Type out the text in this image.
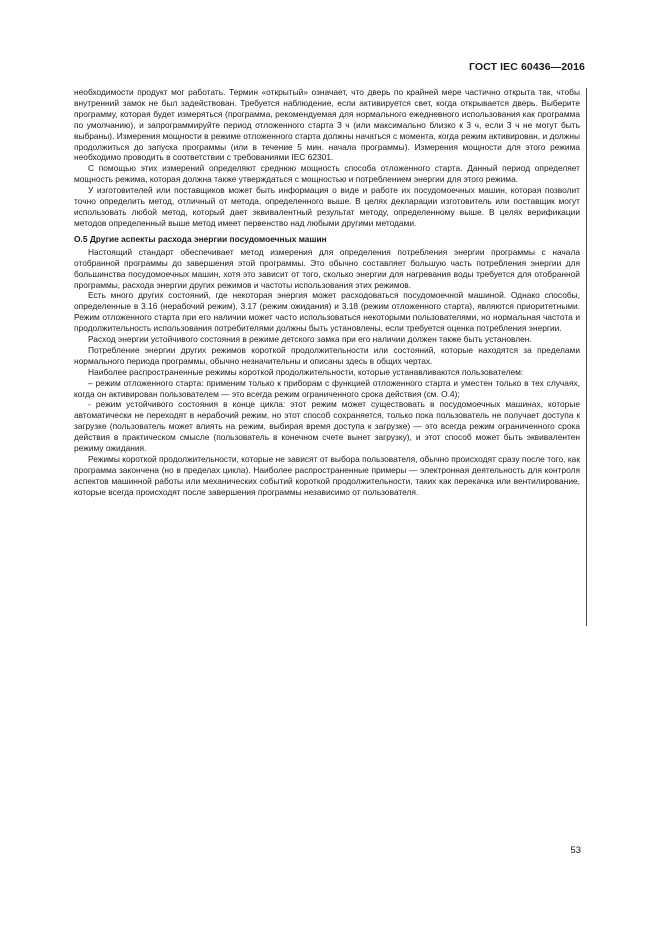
ГОСТ IEC 60436—2016

необходимости продукт мог работать. Термин «открытый» означает, что дверь по крайней мере частично открыта так, чтобы внутренний замок не был задействован. Требуется наблюдение, если активируется свет, когда открывается дверь. Выберите программу, которая будет измеряться (программа, рекомендуемая для нормального ежедневного использования как программа по умолчанию), и запрограммируйте период отложенного старта 3 ч (или максимально близко к 3 ч, если 3 ч не могут быть выбраны). Измерения мощности в режиме отложенного старта должны начаться с момента, когда режим активирован, и должны продолжиться до запуска программы (или в течение 5 мин. начала программы). Измерения мощности для этого режима необходимо проводить в соответствии с требованиями IEC 62301.

С помощью этих измерений определяют среднюю мощность способа отложенного старта. Данный период определяет мощность режима, которая должна также утверждаться с мощностью и потреблением энергии для этого режима.

У изготовителей или поставщиков может быть информация о виде и работе их посудомоечных машин, которая позволит точно определить метод, отличный от метода, определенного выше. В целях декларации изготовитель или поставщик могут использовать любой метод, который дает эквивалентный результат методу, определенному выше. В целях верификации методов определенный выше метод имеет первенство над любыми другими методами.

О.5 Другие аспекты расхода энергии посудомоечных машин

Настоящий стандарт обеспечивает метод измерения для определения потребления энергии программы с начала отобранной программы до завершения этой программы. Это обычно составляет большую часть потребления энергии для большинства посудомоечных машин, хотя это зависит от того, сколько энергии для нагревания воды требуется для отобранной программы, расхода энергии других режимов и частоты использования этих режимов.

Есть много других состояний, где некоторая энергия может расходоваться посудомоечной машиной. Однако способы, определенные в 3.16 (нерабочий режим), 3.17 (режим ожидания) и 3.18 (режим отложенного старта), являются приоритетными. Режим отложенного старта при его наличии может часто использоваться некоторыми пользователями, но нормальная частота и продолжительность использования потребителями должны быть установлены, если требуется оценка потребления энергии.

Расход энергии устойчивого состояния в режиме детского замка при его наличии должен также быть установлен.

Потребление энергии других режимов короткой продолжительности или состояний, которые находятся за пределами нормального периода программы, обычно незначительны и описаны здесь в общих чертах.

Наиболее распространенные режимы короткой продолжительности, которые устанавливаются пользователем:

– режим отложенного старта: применим только к приборам с функцией отложенного старта и уместен только в тех случаях, когда он активирован пользователем — это всегда режим ограниченного срока действия (см. О.4);

- режим устойчивого состояния в конце цикла: этот режим может существовать в посудомоечных машинах, которые автоматически не переходят в нерабочий режим, но этот способ сохраняется, только пока пользователь не получает доступа к загрузке (пользователь может влиять на режим, выбирая время доступа к загрузке) — это всегда режим ограниченного срока действия в практическом смысле (пользователь в конечном счете вынет загрузку), и этот способ может быть эквивалентен режиму ожидания.

Режимы короткой продолжительности, которые не зависят от выбора пользователя, обычно происходят сразу после того, как программа закончена (но в пределах цикла). Наиболее распространенные примеры — электронная деятельность для контроля аспектов машинной работы или механических событий короткой продолжительности, таких как перекачка или вентилирование, которые всегда происходят после завершения программы независимо от пользователя.

53
